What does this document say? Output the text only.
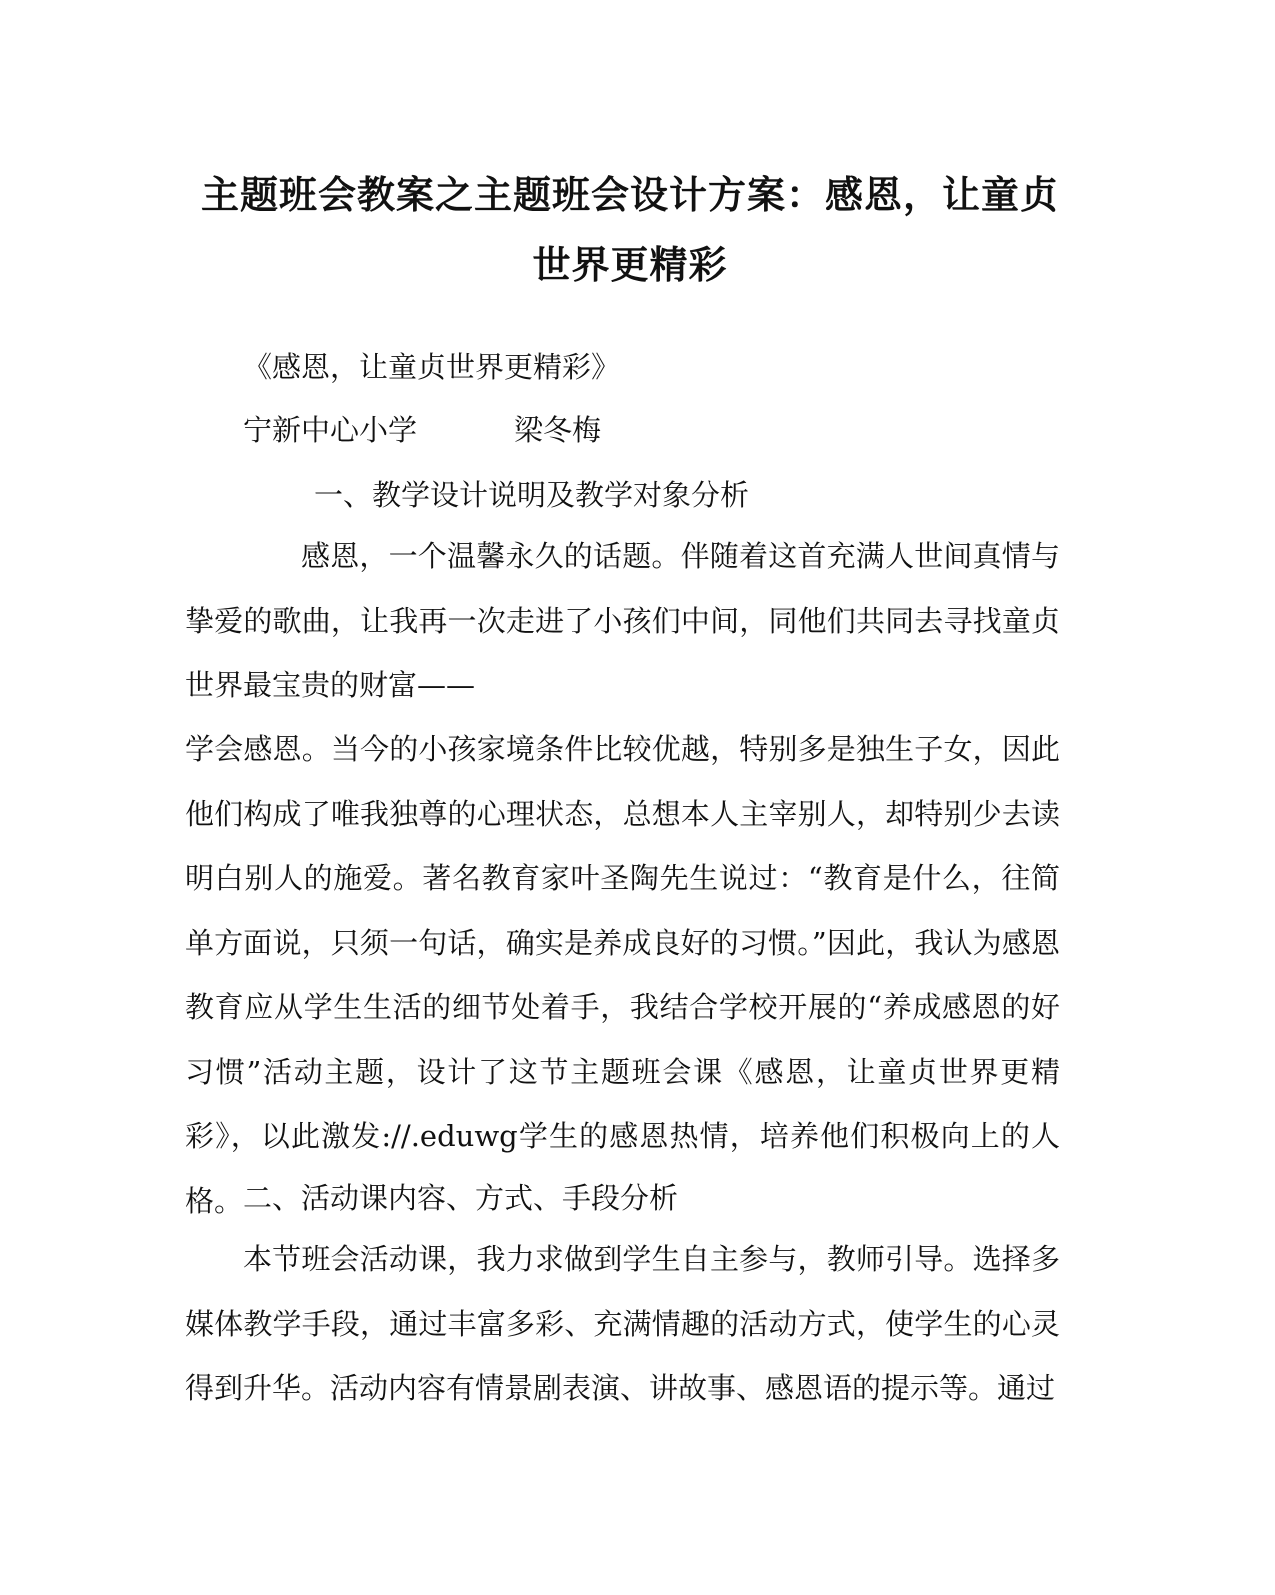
主题班会教案之主题班会设计方案：感恩，让童贞世界更精彩

《感恩，让童贞世界更精彩》

宁新中心小学	梁冬梅

一、教学设计说明及教学对象分析

感恩，一个温馨永久的话题。伴随着这首充满人世间真情与挚爱的歌曲，让我再一次走进了小孩们中间，同他们共同去寻找童贞世界最宝贵的财富——

学会感恩。当今的小孩家境条件比较优越，特别多是独生子女，因此他们构成了唯我独尊的心理状态，总想本人主宰别人，却特别少去读明白别人的施爱。著名教育家叶圣陶先生说过：“教育是什么，往简单方面说，只须一句话，确实是养成良好的习惯。”因此，我认为感恩教育应从学生生活的细节处着手，我结合学校开展的“养成感恩的好习惯”活动主题，设计了这节主题班会课《感恩，让童贞世界更精彩》，以此激发://.eduwg学生的感恩热情，培养他们积极向上的人格。 二、活动课内容、方式、手段分析

本节班会活动课，我力求做到学生自主参与，教师引导。选择多媒体教学手段，通过丰富多彩、充满情趣的活动方式，使学生的心灵得到升华。活动内容有情景剧表演、讲故事、感恩语的提示等。通过
